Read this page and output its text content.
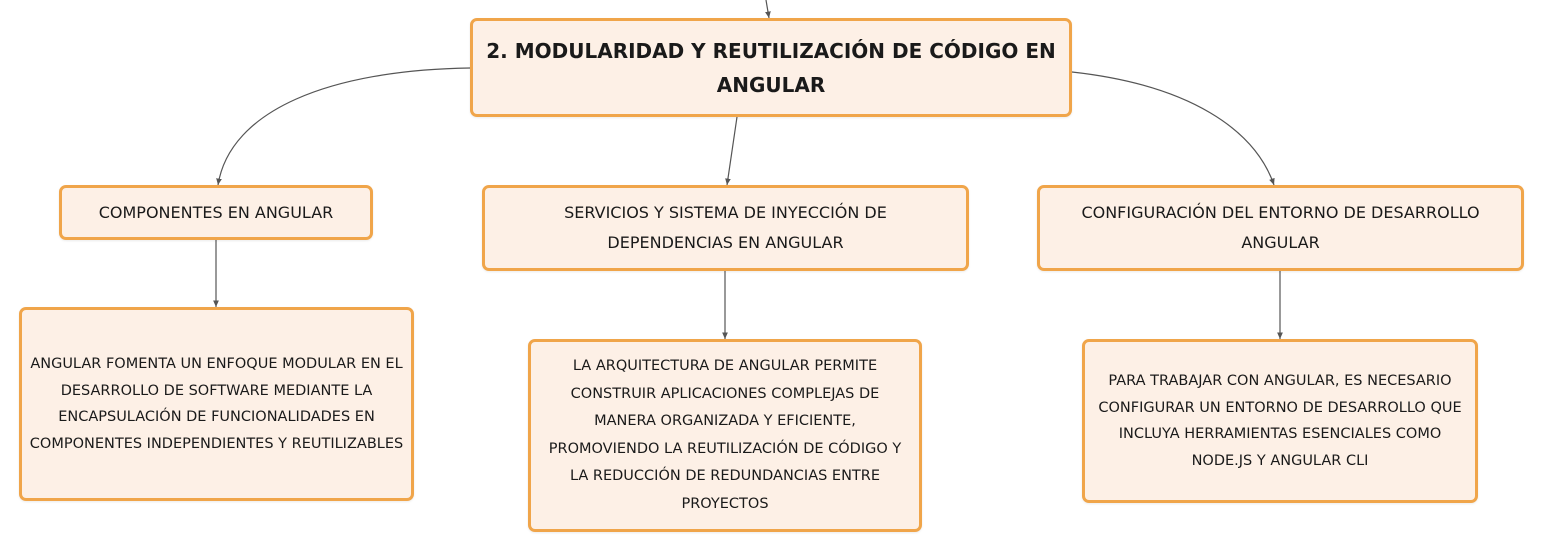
2. MODULARIDAD Y REUTILIZACIÓN DE CÓDIGO EN ANGULAR
COMPONENTES EN ANGULAR	SERVICIOS Y SISTEMA DE INYECCIÓN DE DEPENDENCIAS EN ANGULAR
CONFIGURACIÓN DEL ENTORNO DE DESARROLLO ANGULAR
ANGULAR FOMENTA UN ENFOQUE MODULAR EN EL DESARROLLO DE SOFTWARE MEDIANTE LA ENCAPSULACIÓN DE FUNCIONALIDADES EN COMPONENTES INDEPENDIENTES Y REUTILIZABLES
LA ARQUITECTURA DE ANGULAR PERMITE CONSTRUIR APLICACIONES COMPLEJAS DE MANERA ORGANIZADA Y EFICIENTE, PROMOVIENDO LA REUTILIZACIÓN DE CÓDIGO Y LA REDUCCIÓN DE REDUNDANCIAS ENTRE PROYECTOS
PARA TRABAJAR CON ANGULAR, ES NECESARIO CONFIGURAR UN ENTORNO DE DESARROLLO QUE INCLUYA HERRAMIENTAS ESENCIALES COMO NODE.JS Y ANGULAR CLI
